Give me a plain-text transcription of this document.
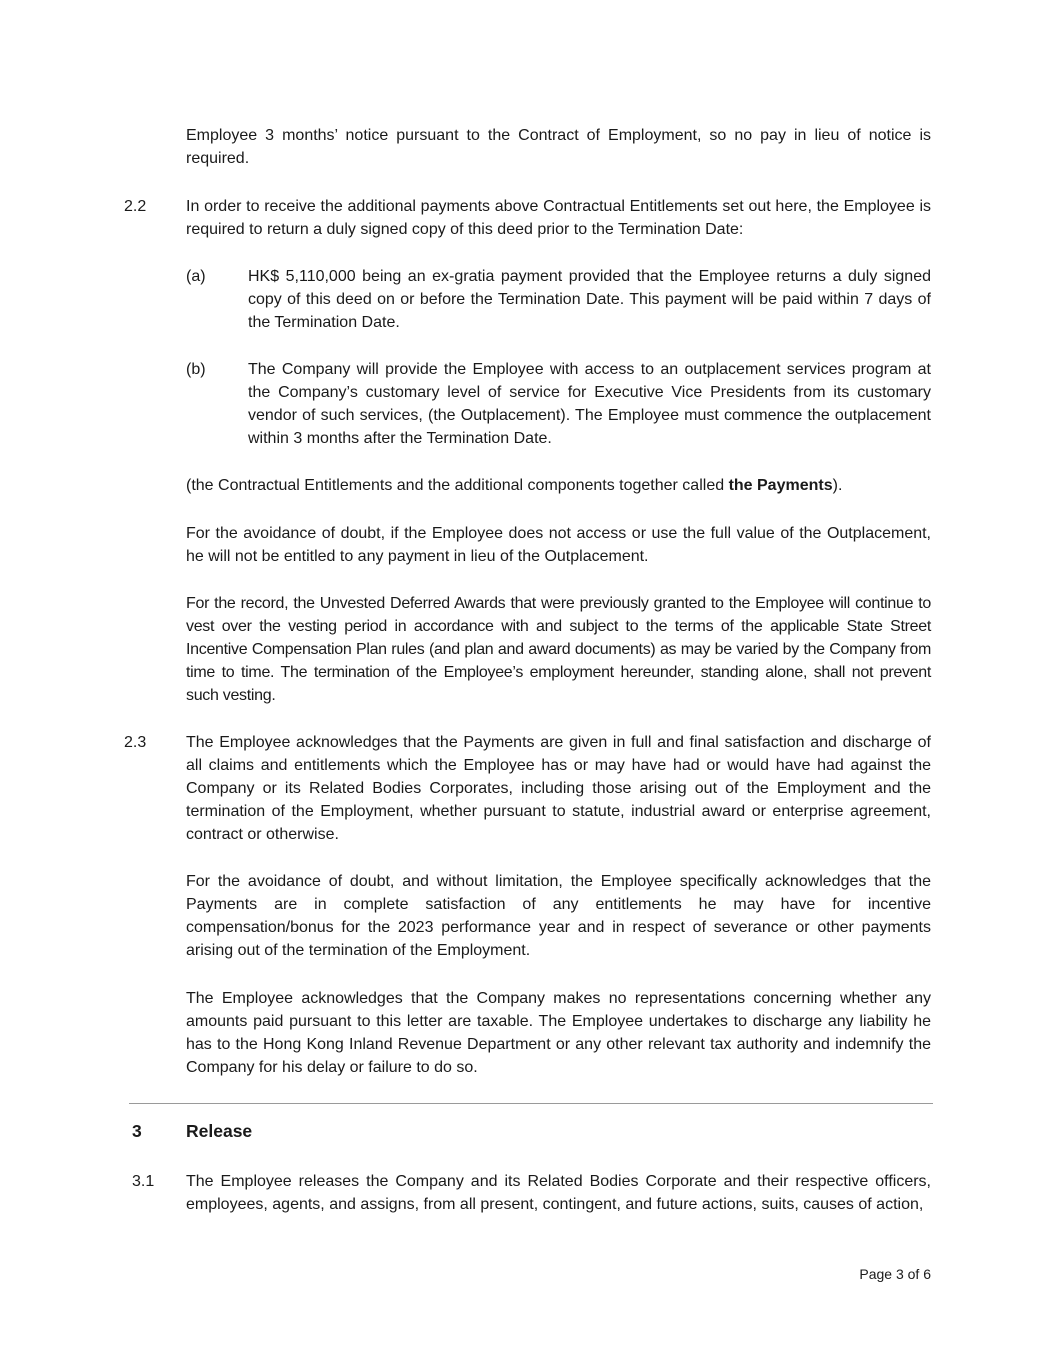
Employee 3 months’ notice pursuant to the Contract of Employment, so no pay in lieu of notice is required.

2.2 In order to receive the additional payments above Contractual Entitlements set out here, the Employee is required to return a duly signed copy of this deed prior to the Termination Date:

(a)	HK$ 5,110,000 being an ex-gratia payment provided that the Employee returns a duly signed copy of this deed on or before the Termination Date. This payment will be paid within 7 days of the Termination Date.

(b)	The Company will provide the Employee with access to an outplacement services program at the Company’s customary level of service for Executive Vice Presidents from its customary vendor of such services, (the Outplacement). The Employee must commence the outplacement within 3 months after the Termination Date.

(the Contractual Entitlements and the additional components together called the Payments).

For the avoidance of doubt, if the Employee does not access or use the full value of the Outplacement, he will not be entitled to any payment in lieu of the Outplacement.

For the record, the Unvested Deferred Awards that were previously granted to the Employee will continue to vest over the vesting period in accordance with and subject to the terms of the applicable State Street Incentive Compensation Plan rules (and plan and award documents) as may be varied by the Company from time to time. The termination of the Employee’s employment hereunder, standing alone, shall not prevent such vesting.

2.3 The Employee acknowledges that the Payments are given in full and final satisfaction and discharge of all claims and entitlements which the Employee has or may have had or would have had against the Company or its Related Bodies Corporates, including those arising out of the Employment and the termination of the Employment, whether pursuant to statute, industrial award or enterprise agreement, contract or otherwise.

For the avoidance of doubt, and without limitation, the Employee specifically acknowledges that the Payments are in complete satisfaction of any entitlements he may have for incentive compensation/bonus for the 2023 performance year and in respect of severance or other payments arising out of the termination of the Employment.

The Employee acknowledges that the Company makes no representations concerning whether any amounts paid pursuant to this letter are taxable. The Employee undertakes to discharge any liability he has to the Hong Kong Inland Revenue Department or any other relevant tax authority and indemnify the Company for his delay or failure to do so.

3	Release

3.1 The Employee releases the Company and its Related Bodies Corporate and their respective officers, employees, agents, and assigns, from all present, contingent, and future actions, suits, causes of action,

Page 3 of 6
